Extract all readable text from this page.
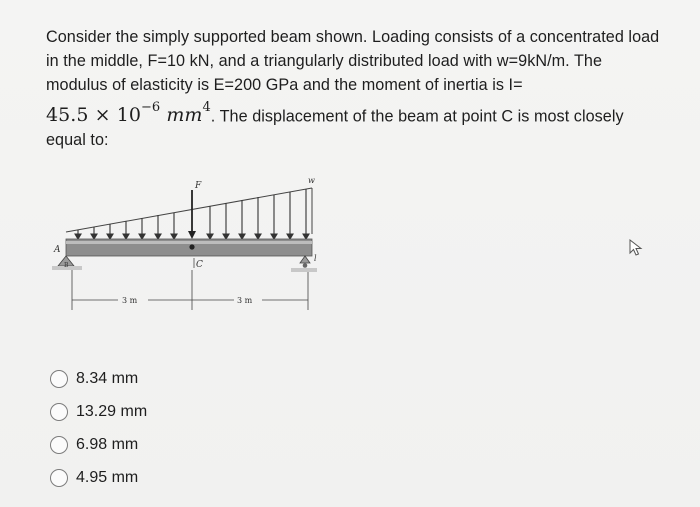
Consider the simply supported beam shown. Loading consists of a concentrated load
in the middle, F=10 kN, and a triangularly distributed load with w=9kN/m. The
modulus of elasticity is E=200 GPa and the moment of inertia is I=
$45.5 \times 10^{-6}$ $mm^4$. The displacement of the beam at point C is most closely
equal to:
F
w
A
B
l
C
3 m	3 m
8.34 mm
13.29 mm
6.98 mm
4.95 mm
